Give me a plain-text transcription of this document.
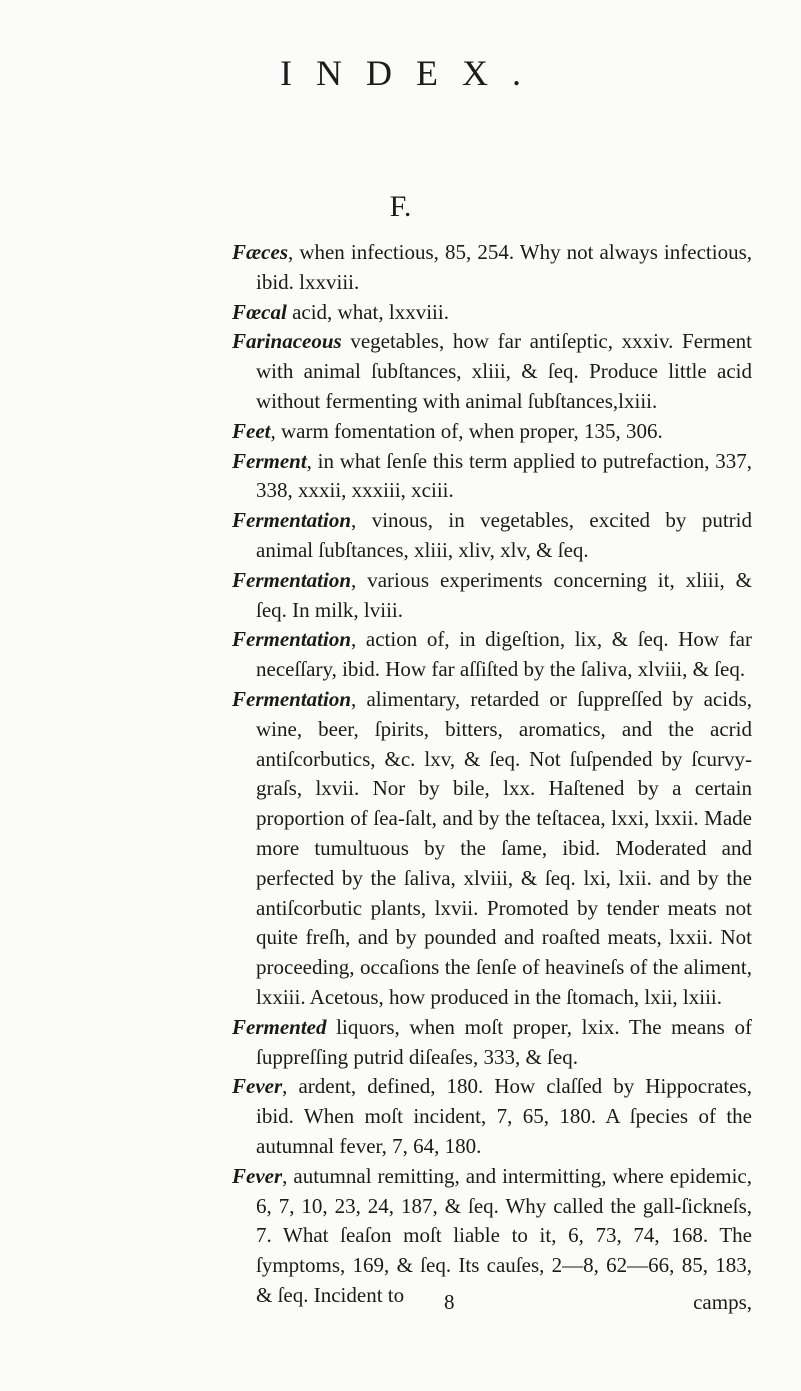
INDEX.
F.

Fæces, when infectious, 85, 254. Why not always infectious, ibid. lxxviii.

Fœcal acid, what, lxxviii.

Farinaceous vegetables, how far antiſeptic, xxxiv. Ferment with animal ſubſtances, xliii, & ſeq. Produce little acid without fermenting with animal ſubſtances,lxiii.

Feet, warm fomentation of, when proper, 135, 306.

Ferment, in what ſenſe this term applied to putrefaction, 337, 338, xxxii, xxxiii, xciii.

Fermentation, vinous, in vegetables, excited by putrid animal ſubſtances, xliii, xliv, xlv, & ſeq.

Fermentation, various experiments concerning it, xliii, & ſeq. In milk, lviii.

Fermentation, action of, in digeſtion, lix, & ſeq. How far neceſſary, ibid. How far aſſiſted by the ſaliva, xlviii, & ſeq.

Fermentation, alimentary, retarded or ſuppreſſed by acids, wine, beer, ſpirits, bitters, aromatics, and the acrid antiſcorbutics, &c. lxv, & ſeq. Not ſuſpended by ſcurvy-graſs, lxvii. Nor by bile, lxx. Haſtened by a certain proportion of ſea-ſalt, and by the teſtacea, lxxi, lxxii. Made more tumultuous by the ſame, ibid. Moderated and perfected by the ſaliva, xlviii, & ſeq. lxi, lxii. and by the antiſcorbutic plants, lxvii. Promoted by tender meats not quite freſh, and by pounded and roaſted meats, lxxii. Not proceeding, occaſions the ſenſe of heavineſs of the aliment, lxxiii. Acetous, how produced in the ſtomach, lxii, lxiii.

Fermented liquors, when moſt proper, lxix. The means of ſuppreſſing putrid diſeaſes, 333, & ſeq.

Fever, ardent, defined, 180. How claſſed by Hippocrates, ibid. When moſt incident, 7, 65, 180. A ſpecies of the autumnal fever, 7, 64, 180.

Fever, autumnal remitting, and intermitting, where epidemic, 6, 7, 10, 23, 24, 187, & ſeq. Why called the gall-ſickneſs, 7. What ſeaſon moſt liable to it, 6, 73, 74, 168. The ſymptoms, 169, & ſeq. Its cauſes, 2—8, 62—66, 85, 183, & ſeq. Incident to	8	camps,
